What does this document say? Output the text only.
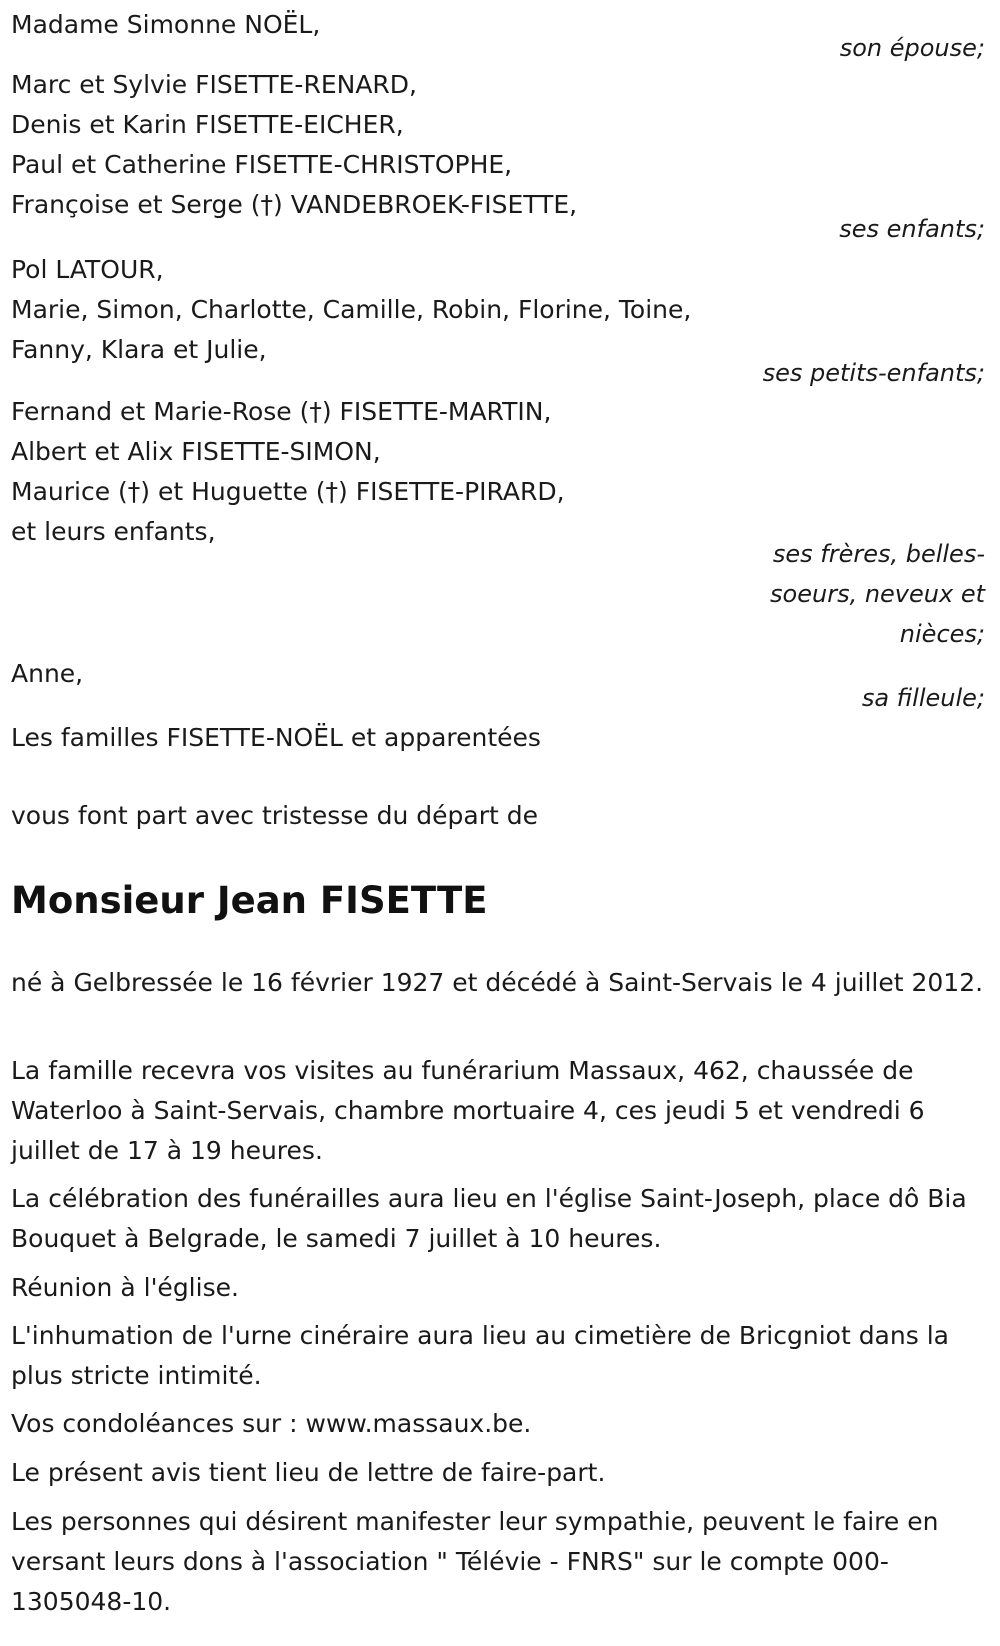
Madame Simonne NOËL,
son épouse;
Marc et Sylvie FISETTE-RENARD,
Denis et Karin FISETTE-EICHER,
Paul et Catherine FISETTE-CHRISTOPHE,
Françoise et Serge (†) VANDEBROEK-FISETTE,
ses enfants;
Pol LATOUR,
Marie, Simon, Charlotte, Camille, Robin, Florine, Toine,
Fanny, Klara et Julie,
ses petits-enfants;
Fernand et Marie-Rose (†) FISETTE-MARTIN,
Albert et Alix FISETTE-SIMON,
Maurice (†) et Huguette (†) FISETTE-PIRARD,
et leurs enfants,
ses frères, belles-soeurs, neveux et nièces;
Anne,
sa filleule;
Les familles FISETTE-NOËL et apparentées
vous font part avec tristesse du départ de
Monsieur Jean FISETTE
né à Gelbressée le 16 février 1927 et décédé à Saint-Servais le 4 juillet 2012.
La famille recevra vos visites au funérarium Massaux, 462, chaussée de Waterloo à Saint-Servais, chambre mortuaire 4, ces jeudi 5 et vendredi 6 juillet de 17 à 19 heures.
La célébration des funérailles aura lieu en l'église Saint-Joseph, place dô Bia Bouquet à Belgrade, le samedi 7 juillet à 10 heures.
Réunion à l'église.
L'inhumation de l'urne cinéraire aura lieu au cimetière de Bricgniot dans la plus stricte intimité.
Vos condoléances sur : www.massaux.be.
Le présent avis tient lieu de lettre de faire-part.
Les personnes qui désirent manifester leur sympathie, peuvent le faire en versant leurs dons à l'association " Télévie - FNRS" sur le compte 000-1305048-10.
